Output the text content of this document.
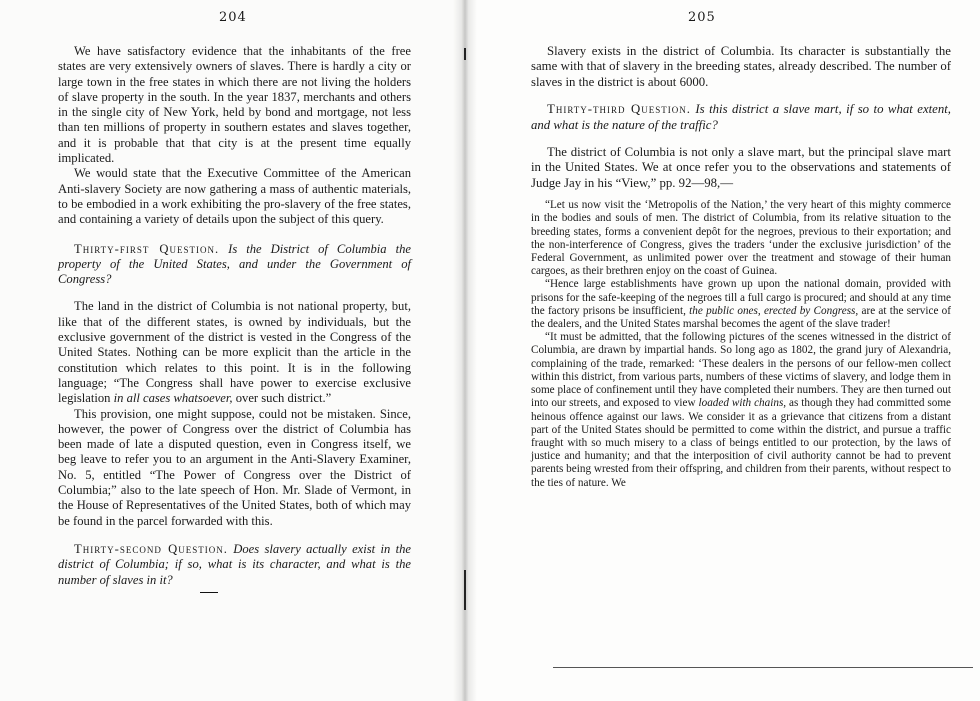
204

We have satisfactory evidence that the inhabitants of the free states are very extensively owners of slaves. There is hardly a city or large town in the free states in which there are not living the holders of slave property in the south. In the year 1837, merchants and others in the single city of New York, held by bond and mortgage, not less than ten millions of property in southern estates and slaves together, and it is probable that that city is at the present time equally implicated.

We would state that the Executive Committee of the American Anti-slavery Society are now gathering a mass of authentic materials, to be embodied in a work exhibiting the pro-slavery of the free states, and containing a variety of details upon the subject of this query.

Thirty-first Question. Is the District of Columbia the property of the United States, and under the Government of Congress?

The land in the district of Columbia is not national property, but, like that of the different states, is owned by individuals, but the exclusive government of the district is vested in the Congress of the United States. Nothing can be more explicit than the article in the constitution which relates to this point. It is in the following language; “The Congress shall have power to exercise exclusive legislation in all cases whatsoever, over such district.”

This provision, one might suppose, could not be mistaken. Since, however, the power of Congress over the district of Columbia has been made of late a disputed question, even in Congress itself, we beg leave to refer you to an argument in the Anti-Slavery Examiner, No. 5, entitled “The Power of Congress over the District of Columbia;” also to the late speech of Hon. Mr. Slade of Vermont, in the House of Representatives of the United States, both of which may be found in the parcel forwarded with this.

Thirty-second Question. Does slavery actually exist in the district of Columbia; if so, what is its character, and what is the number of slaves in it?

205

Slavery exists in the district of Columbia. Its character is substantially the same with that of slavery in the breeding states, already described. The number of slaves in the district is about 6000.

Thirty-third Question. Is this district a slave mart, if so to what extent, and what is the nature of the traffic?

The district of Columbia is not only a slave mart, but the principal slave mart in the United States. We at once refer you to the observations and statements of Judge Jay in his “View,” pp. 92—98,—

“Let us now visit the ‘Metropolis of the Nation,’ the very heart of this mighty commerce in the bodies and souls of men. The district of Columbia, from its relative situation to the breeding states, forms a convenient depôt for the negroes, previous to their exportation; and the non-interference of Congress, gives the traders ‘under the exclusive jurisdiction’ of the Federal Government, as unlimited power over the treatment and stowage of their human cargoes, as their brethren enjoy on the coast of Guinea.

“Hence large establishments have grown up upon the national domain, provided with prisons for the safe-keeping of the negroes till a full cargo is procured; and should at any time the factory prisons be insufficient, the public ones, erected by Congress, are at the service of the dealers, and the United States marshal becomes the agent of the slave trader!

“It must be admitted, that the following pictures of the scenes witnessed in the district of Columbia, are drawn by impartial hands. So long ago as 1802, the grand jury of Alexandria, complaining of the trade, remarked: ‘These dealers in the persons of our fellow-men collect within this district, from various parts, numbers of these victims of slavery, and lodge them in some place of confinement until they have completed their numbers. They are then turned out into our streets, and exposed to view loaded with chains, as though they had committed some heinous offence against our laws. We consider it as a grievance that citizens from a distant part of the United States should be permitted to come within the district, and pursue a traffic fraught with so much misery to a class of beings entitled to our protection, by the laws of justice and humanity; and that the interposition of civil authority cannot be had to prevent parents being wrested from their offspring, and children from their parents, without respect to the ties of nature. We
